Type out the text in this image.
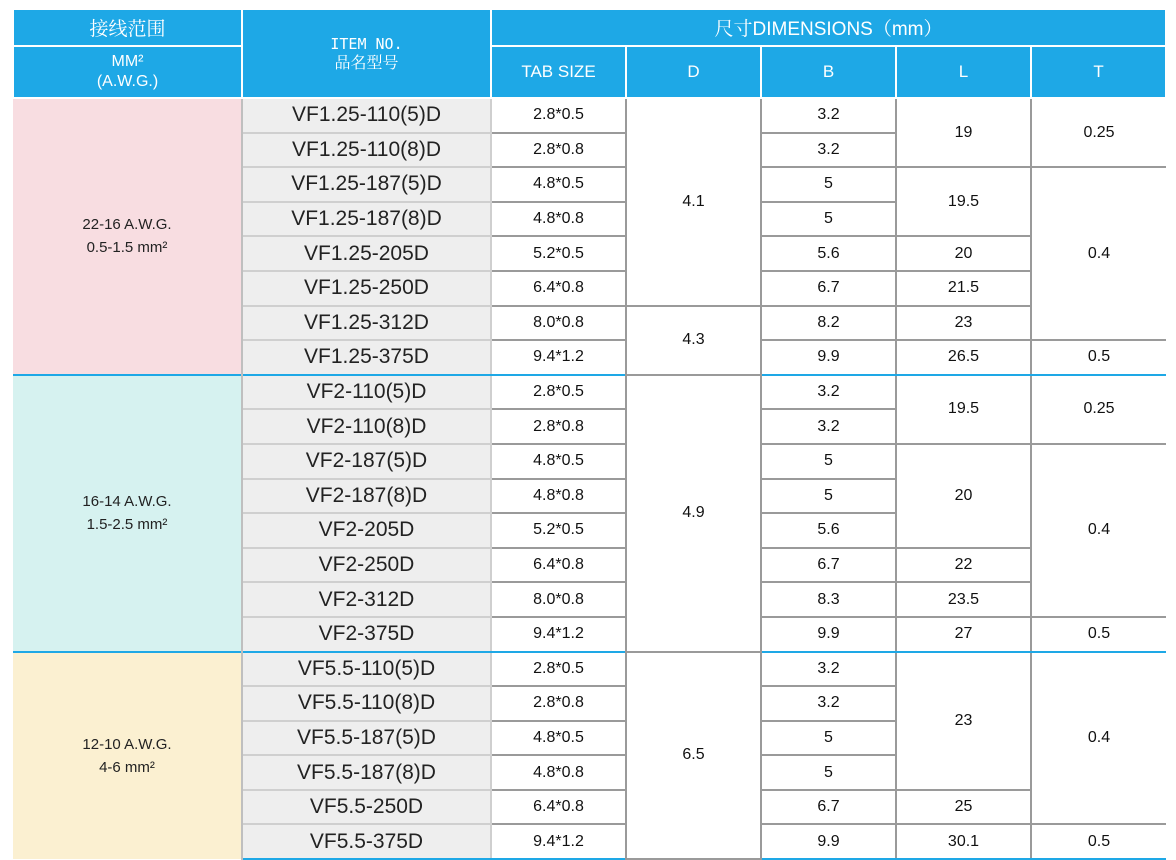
接线范围	ITEM NO.
品名型号	尺寸DIMENSIONS（mm）				

MM²
(A.W.G.)		TAB SIZE	D	B	L	T

22-16 A.W.G.
0.5-1.5 mm²	VF1.25-110(5)D	2.8*0.5	4.1	3.2	19	0.25
	VF1.25-110(8)D	2.8*0.8		3.2		
	VF1.25-187(5)D	4.8*0.5		5	19.5	0.4
	VF1.25-187(8)D	4.8*0.8		5		
	VF1.25-205D	5.2*0.5		5.6	20	
	VF1.25-250D	6.4*0.8		6.7	21.5	
	VF1.25-312D	8.0*0.8	4.3	8.2	23	
	VF1.25-375D	9.4*1.2		9.9	26.5	0.5

16-14 A.W.G.
1.5-2.5 mm²	VF2-110(5)D	2.8*0.5	4.9	3.2	19.5	0.25
	VF2-110(8)D	2.8*0.8		3.2		
	VF2-187(5)D	4.8*0.5		5	20	0.4
	VF2-187(8)D	4.8*0.8		5		
	VF2-205D	5.2*0.5		5.6		
	VF2-250D	6.4*0.8		6.7	22	
	VF2-312D	8.0*0.8		8.3	23.5	
	VF2-375D	9.4*1.2		9.9	27	0.5

12-10 A.W.G.
4-6 mm²	VF5.5-110(5)D	2.8*0.5	6.5	3.2	23	0.4
	VF5.5-110(8)D	2.8*0.8		3.2		
	VF5.5-187(5)D	4.8*0.5		5		
	VF5.5-187(8)D	4.8*0.8		5		
	VF5.5-250D	6.4*0.8		6.7	25	
	VF5.5-375D	9.4*1.2		9.9	30.1	0.5
